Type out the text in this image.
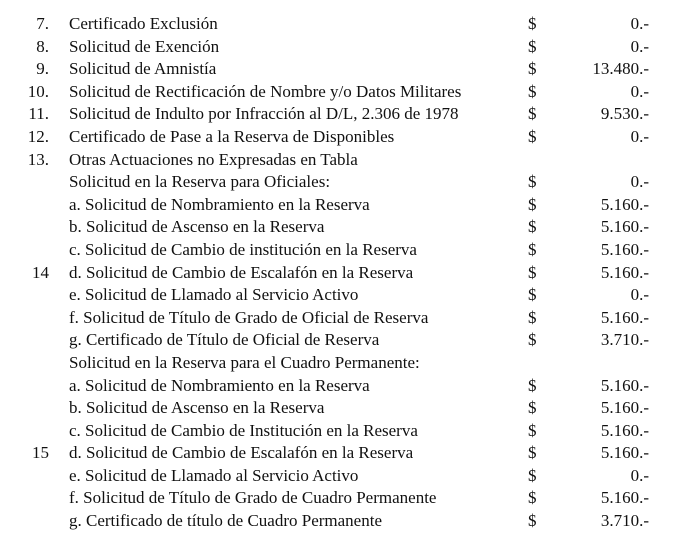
7. Certificado Exclusión	$	0.-
8. Solicitud de Exención	$	0.-
9. Solicitud de Amnistía	$	13.480.-
10. Solicitud de Rectificación de Nombre y/o Datos Militares	$	0.-
11. Solicitud de Indulto por Infracción al D/L, 2.306 de 1978	$	9.530.-
12. Certificado de Pase a la Reserva de Disponibles	$	0.-
13. Otras Actuaciones no Expresadas en Tabla
Solicitud en la Reserva para Oficiales:	$	0.-
a. Solicitud de Nombramiento en la Reserva	$	5.160.-
b. Solicitud de Ascenso en la Reserva	$	5.160.-
c. Solicitud de Cambio de institución en la Reserva	$	5.160.-
14 d. Solicitud de Cambio de Escalafón en la Reserva	$	5.160.-
e. Solicitud de Llamado al Servicio Activo	$	0.-
f. Solicitud de Título de Grado de Oficial de Reserva	$	5.160.-
g. Certificado de Título de Oficial de Reserva	$	3.710.-
Solicitud en la Reserva para el Cuadro Permanente:
a. Solicitud de Nombramiento en la Reserva	$	5.160.-
b. Solicitud de Ascenso en la Reserva	$	5.160.-
c. Solicitud de Cambio de Institución en la Reserva	$	5.160.-
15 d. Solicitud de Cambio de Escalafón en la Reserva	$	5.160.-
e. Solicitud de Llamado al Servicio Activo	$	0.-
f. Solicitud de Título de Grado de Cuadro Permanente	$	5.160.-
g. Certificado de título de Cuadro Permanente	$	3.710.-
